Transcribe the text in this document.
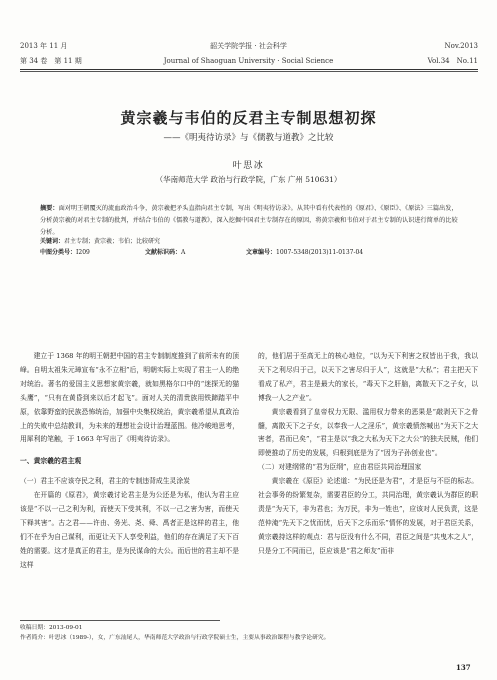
2013 年 11 月
第 34 卷　第 11 期
韶关学院学报 · 社会科学
Journal of Shaoguan University · Social Science
Nov.2013
Vol.34　No.11
黄宗羲与韦伯的反君主专制思想初探
——《明夷待访录》与《儒教与道教》之比较
叶思冰
（华南师范大学 政治与行政学院，广东 广州 510631）
摘要：面对明王朝覆灭的流血政治斗争，黄宗羲把矛头直指向君主专制，写出《明夷待访录》。从其中看有代表性的《原君》、《原臣》、《原法》三篇出发，分析黄宗羲的对君主专制的批判，并结合韦伯的《儒教与道教》，深入挖掘中国君主专制存在的原因，将黄宗羲和韦伯对于君主专制的认识进行简单的比较分析。
关键词：君主专制；黄宗羲；韦伯；比较研究
中图分类号：I209	文献标识码：A	文章编号：1007-5348(2013)11-0137-04

建立于 1368 年的明王朝把中国的君主专制制度推到了前所未有的顶峰。自明太祖朱元璋宣布“永不立相”后，明朝实际上实现了君主一人的绝对统治。著名的爱国主义思想家黄宗羲，就如黑格尔口中的“迷探无的猫头鹰”，“只有在黄昏到来以后才起飞”。面对人关的清贵族用铁蹄踏平中原，依靠野蛮的民族恐怖统治，加强中央集权统治，黄宗羲希望从真政治上的失败中总结教训，为未来的理想社会设计治理蓝图。他冷峻地思考，用犀利的笔触，于 1663 年写出了《明夷待访录》。

一、黄宗羲的君主观

（一）君主不应该夺民之利，君主的专制违背成生灵涂炭

在开篇的《原君》，黄宗羲讨论君主是为公还是为私，他认为君主应该是“不以一己之利为利，而使天下受其利，不以一己之害为害，而使天下释其害”。古之君——许由、务光、尧、舜、禹者正是这样的君主，他们不在乎为自己谋利，而更让天下人享受利益，他们的存在满足了天下百姓的需要。这才是真正的君主，是为民谋命的大公。而后世的君主却不是这样

的，他们居于至高无上的核心地位，“以为天下利害之权皆出于我，我以天下之利尽归于己，以天下之害尽归于人”，这就是“大私”；君主把天下看成了私产，君主是最大的家长，“毒天下之肝脑，离散天下之子女，以博我一人之产业”。

黄宗羲看到了皇帝权力无限、滥用权力带来的恶果是“敲剥天下之骨髓，离散天下之子女，以奉我一人之淫乐”，黄宗羲愤然喊出“为天下之大害者，君而已矣”，“君主是以“我之大私为天下之大公”的独夫民贼，他们即使推动了历史的发展，归根到底是为了“因为子孙创业也”。

（二）对建纲常的“君为臣纲”，应由君臣共同治理国家

黄宗羲在《原臣》论述道：“为民还是为君”，才是臣与不臣的标志。社会事务的纷繁复杂，需要君臣的分工，共同治理，黄宗羲认为群臣的职责是“为天下，非为君也；为万民，非为一姓也”，应该对人民负责，这是范仲淹“先天下之忧而忧，后天下之乐而乐”情怀的发展，对于君臣关系，黄宗羲持这样的观点：君与臣没有什么不同，君臣之间是“共曳木之人”，只是分工不同而已，臣应该是“君之师友”而非

收稿日期：2013-09-01
作者简介：叶思冰（1989-），女，广东汕尾人，华南师范大学政治与行政学院硕士生，主要从事政治课程与教学论研究。
137
